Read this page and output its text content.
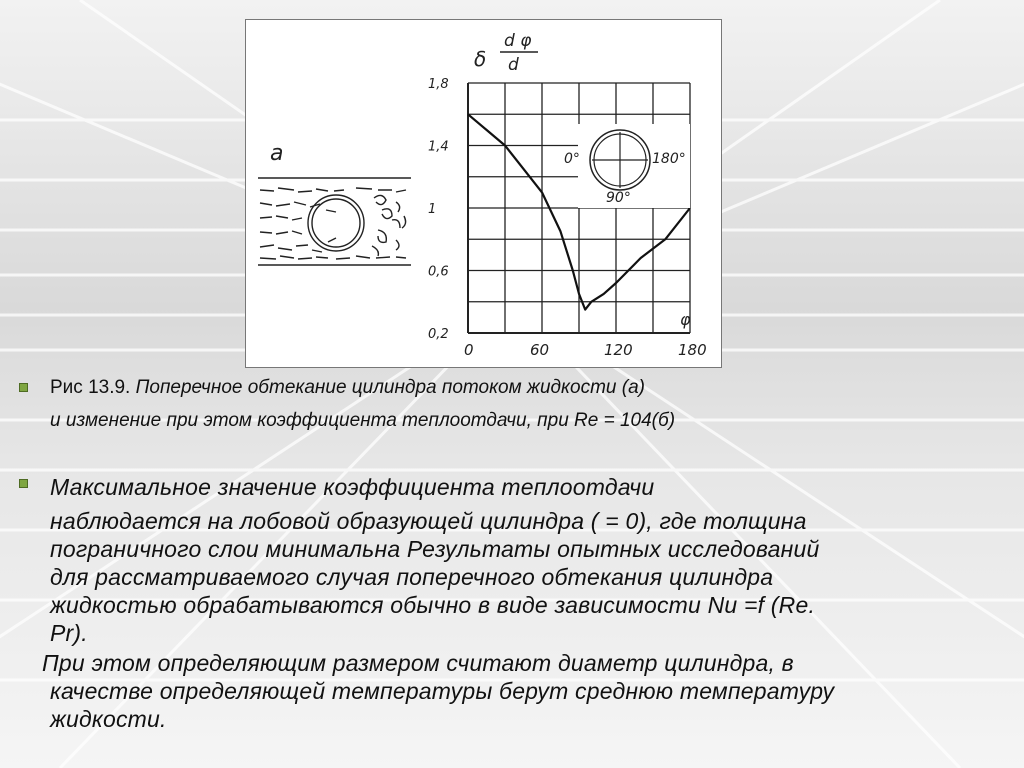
а
δ
d φ
d
1,8
1,4
1
0,6
0,2
0	60	120	180
φ
0°	180°
90°
Рис 13.9. Поперечное обтекание цилиндра потоком жидкости (а)
и изменение при этом коэффициента теплоотдачи, при Re = 104(б)
Максимальное значение коэффициента теплоотдачи
наблюдается на лобовой образующей цилиндра ( = 0), где толщина
пограничного слои минимальна Результаты опытных исследований
для рассматриваемого случая поперечного обтекания цилиндра
жидкостью обрабатываются обычно в виде зависимости Nu =f (Re.
Pr).
При этом определяющим размером считают диаметр цилиндра, в
качестве определяющей температуры берут среднюю температуру
жидкости.
